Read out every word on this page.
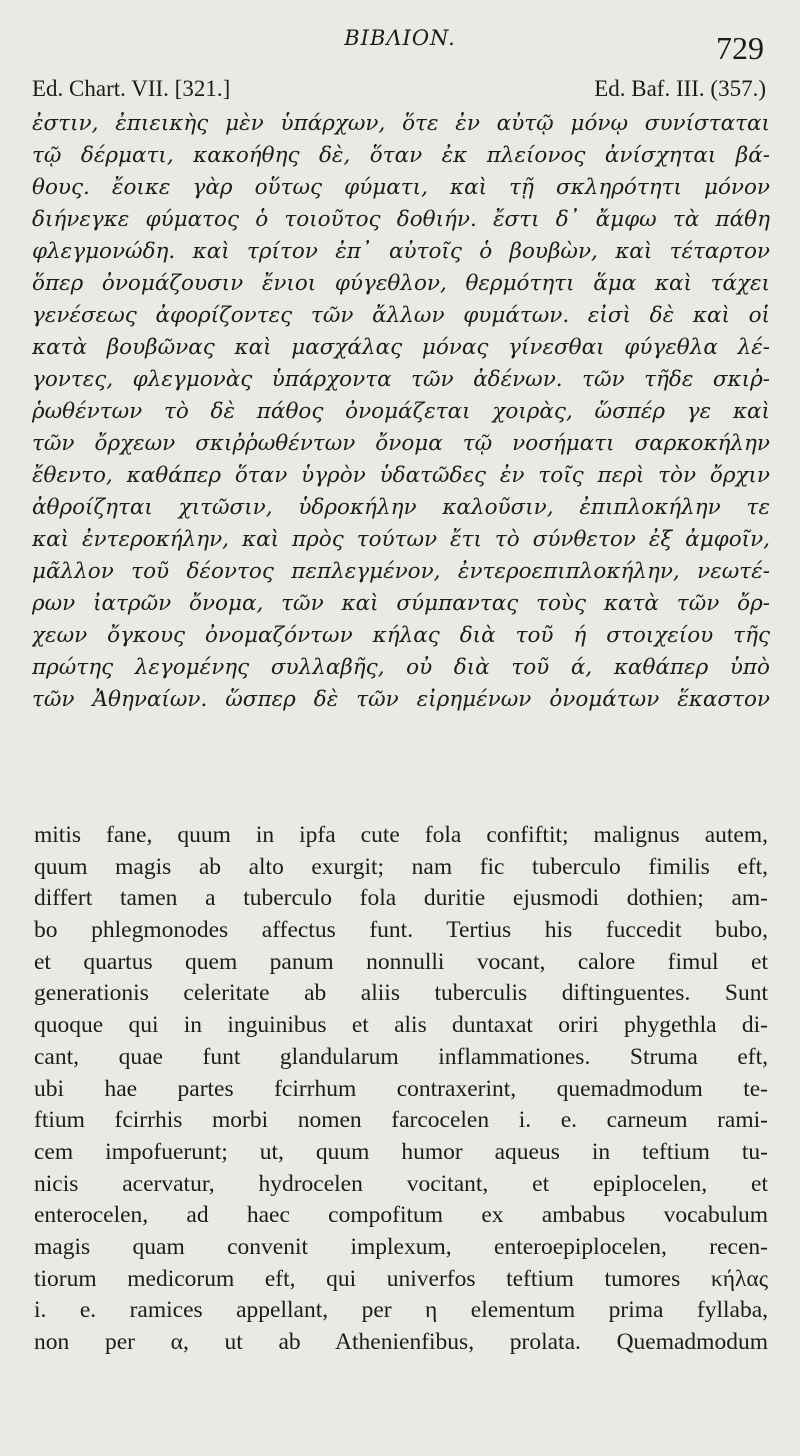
BIBΛION.	729
Ed. Chart. VII. [321.]	Ed. Baf. III. (357.)
ἐστιν, ἐπιεικὴς μὲν ὑπάρχων, ὅτε ἐν αὐτῷ μόνῳ συνίσταται
τῷ δέρματι, κακοήθης δὲ, ὅταν ἐκ πλείονος ἀνίσχηται βά-
θους. ἔοικε γὰρ οὕτως φύματι, καὶ τῇ σκληρότητι μόνον
διήνεγκε φύματος ὁ τοιοῦτος δοθιήν. ἔστι δ᾽ ἄμφω τὰ πάθη
φλεγμονώδη. καὶ τρίτον ἐπ᾽ αὐτοῖς ὁ βουβὼν, καὶ τέταρτον
ὅπερ ὀνομάζουσιν ἔνιοι φύγεθλον, θερμότητι ἅμα καὶ τάχει
γενέσεως ἀφορίζοντες τῶν ἄλλων φυμάτων. εἰσὶ δὲ καὶ οἱ
κατὰ βουβῶνας καὶ μασχάλας μόνας γίνεσθαι φύγεθλα λέ-
γοντες, φλεγμονὰς ὑπάρχοντα τῶν ἀδένων. τῶν τῆδε σκιῤ-
ῥωθέντων τὸ δὲ πάθος ὀνομάζεται χοιρὰς, ὥσπέρ γε καὶ
τῶν ὄρχεων σκιῤῥωθέντων ὄνομα τῷ νοσήματι σαρκοκήλην
ἔθεντο, καθάπερ ὅταν ὑγρὸν ὑδατῶδες ἐν τοῖς περὶ τὸν ὄρχιν
ἀθροίζηται χιτῶσιν, ὑδροκήλην καλοῦσιν, ἐπιπλοκήλην τε
καὶ ἐντεροκήλην, καὶ πρὸς τούτων ἔτι τὸ σύνθετον ἐξ ἀμφοῖν,
μᾶλλον τοῦ δέοντος πεπλεγμένον, ἐντεροεπιπλοκήλην, νεωτέ-
ρων ἰατρῶν ὄνομα, τῶν καὶ σύμπαντας τοὺς κατὰ τῶν ὄρ-
χεων ὄγκους ὀνομαζόντων κήλας διὰ τοῦ ή στοιχείου τῆς
πρώτης λεγομένης συλλαβῆς, οὐ διὰ τοῦ ά, καθάπερ ὑπὸ
τῶν Ἀθηναίων. ὥσπερ δὲ τῶν εἰρημένων ὀνομάτων ἕκαστον
mitis fane, quum in ipfa cute fola confiftit; malignus autem,
quum magis ab alto exurgit; nam fic tuberculo fimilis eft,
differt tamen a tuberculo fola duritie ejusmodi dothien; am-
bo phlegmonodes affectus funt. Tertius his fuccedit bubo,
et quartus quem panum nonnulli vocant, calore fimul et
generationis celeritate ab aliis tuberculis diftinguentes. Sunt
quoque qui in inguinibus et alis duntaxat oriri phygethla di-
cant, quae funt glandularum inflammationes. Struma eft,
ubi hae partes fcirrhum contraxerint, quemadmodum te-
ftium fcirrhis morbi nomen farcocelen i. e. carneum rami-
cem impofuerunt; ut, quum humor aqueus in teftium tu-
nicis acervatur, hydrocelen vocitant, et epiplocelen, et
enterocelen, ad haec compofitum ex ambabus vocabulum
magis quam convenit implexum, enteroepiplocelen, recen-
tiorum medicorum eft, qui univerfos teftium tumores κήλας
i. e. ramices appellant, per η elementum prima fyllaba,
non per α, ut ab Athenienfibus, prolata. Quemadmodum
